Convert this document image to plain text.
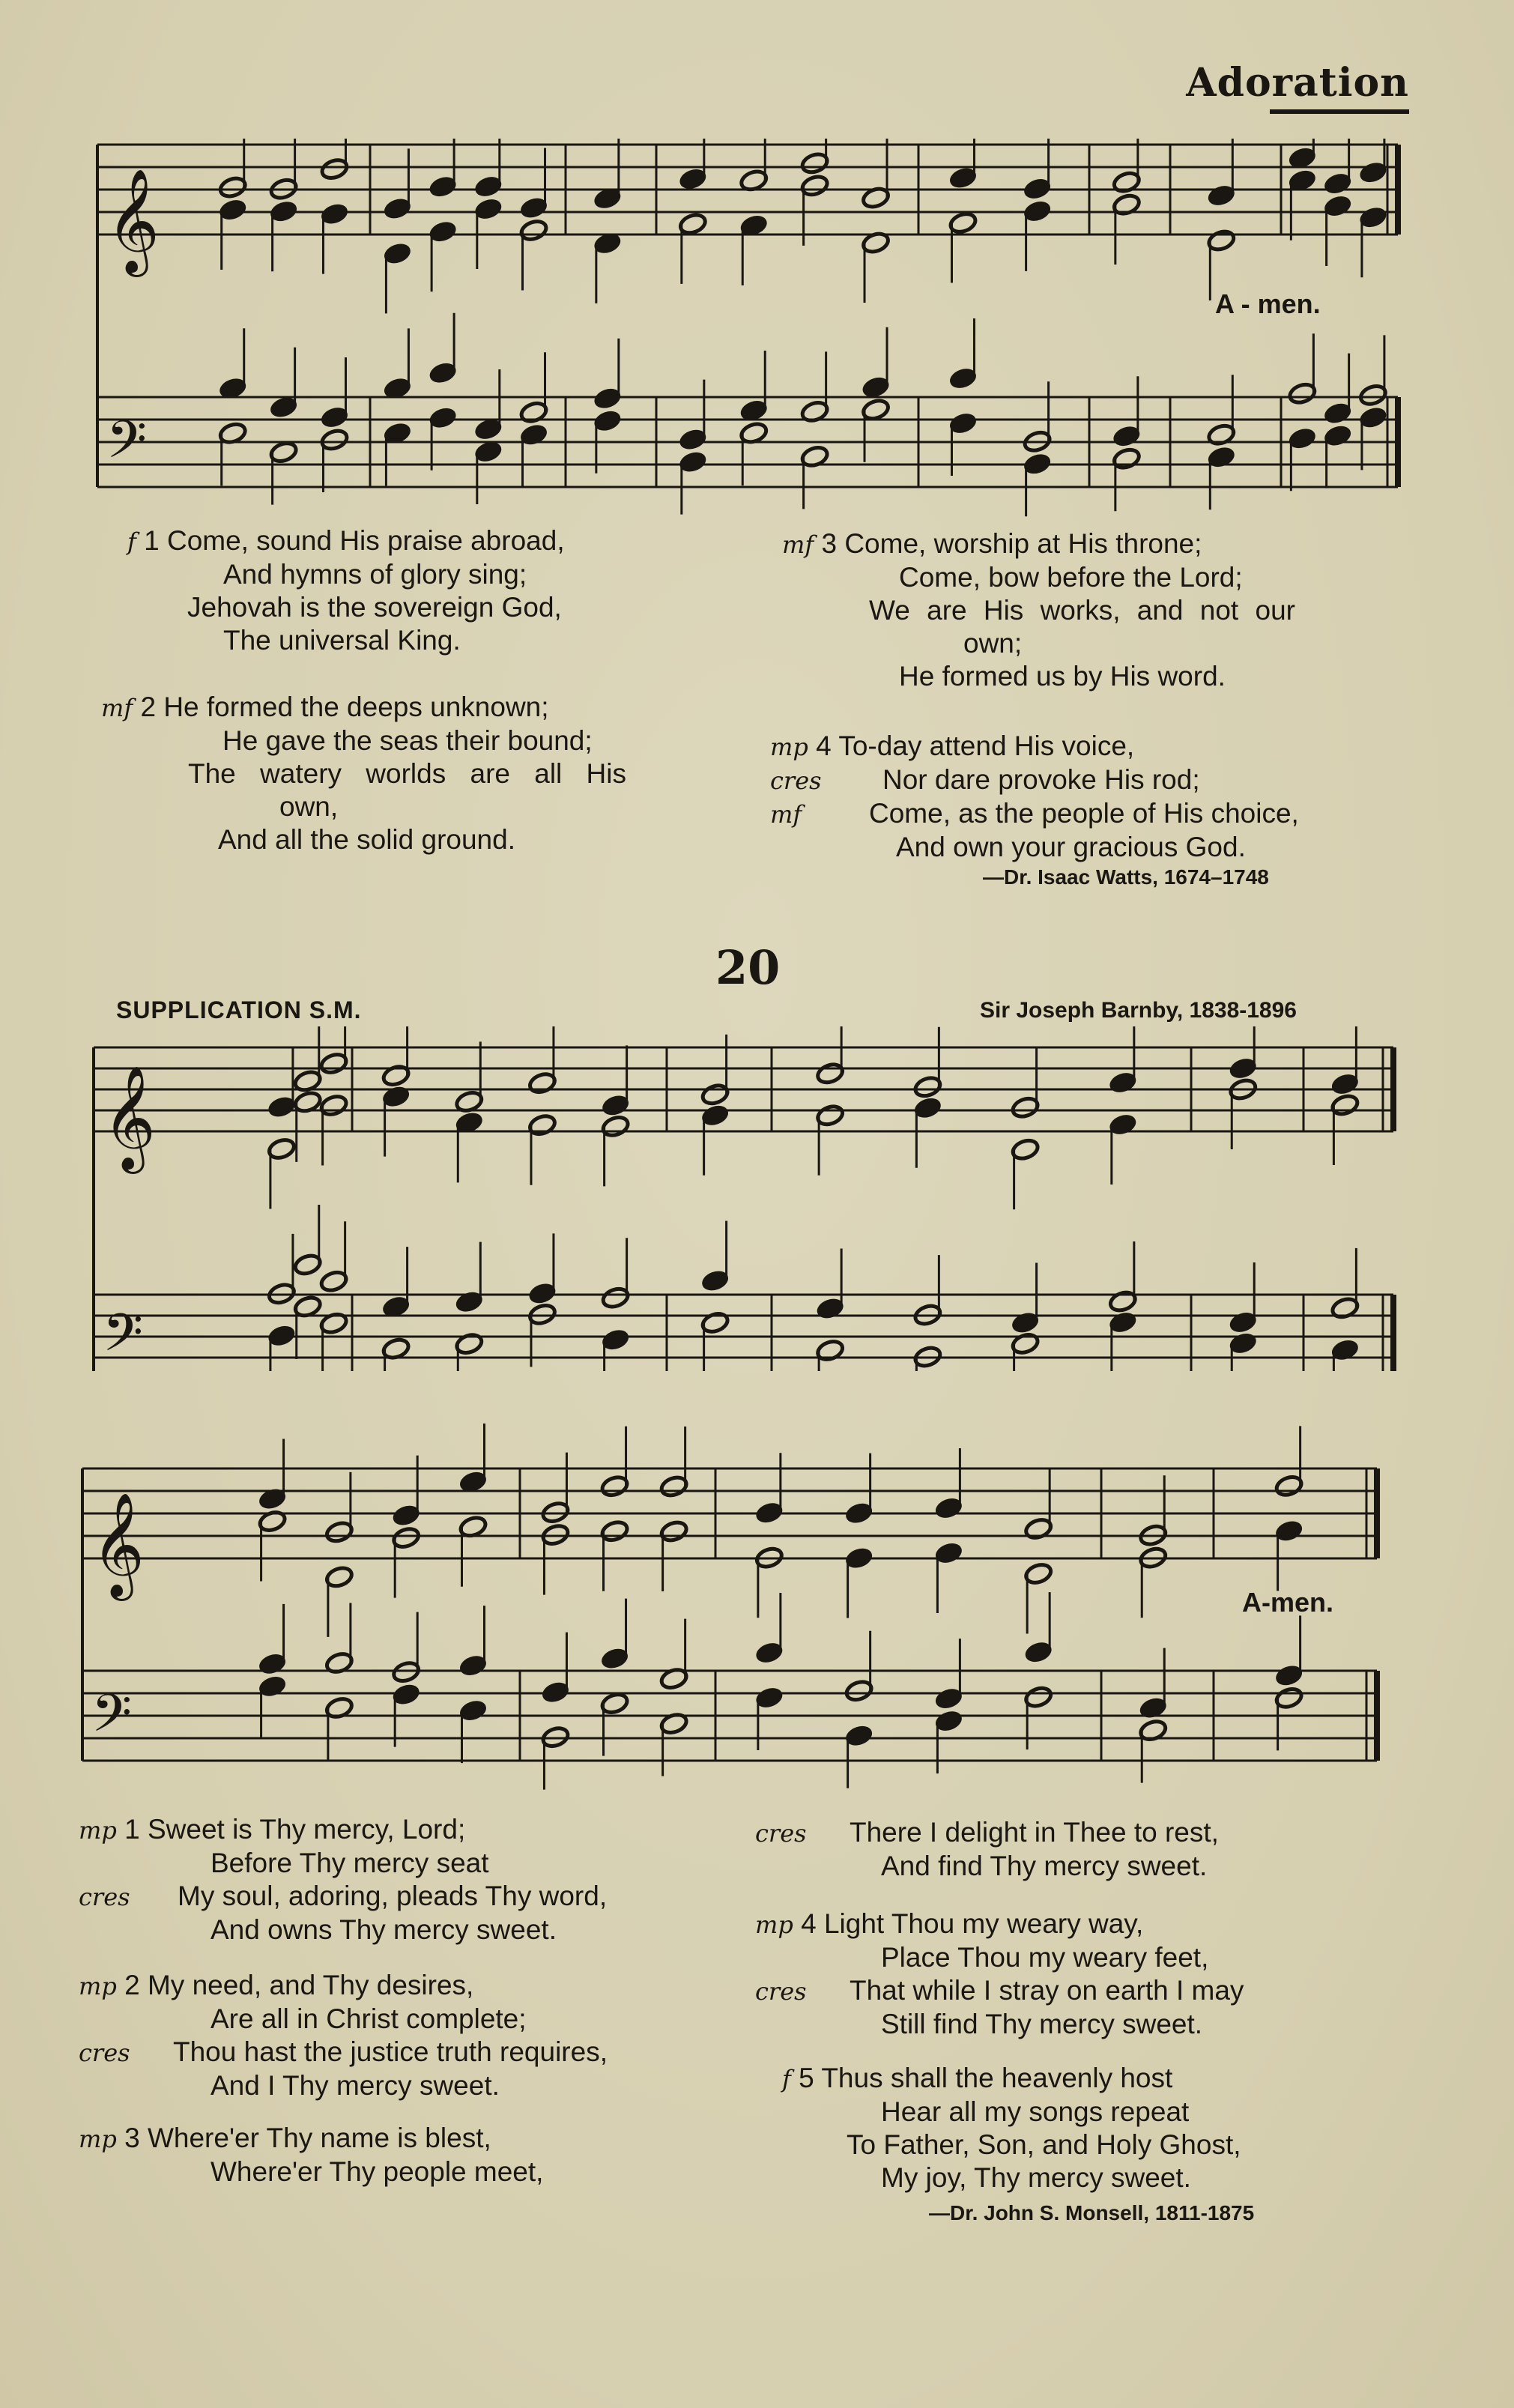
Adoration
𝄞
𝄢
A - men.
f 1 Come, sound His praise abroad,
And hymns of glory sing;
Jehovah is the sovereign God,
The universal King.
mf 2 He formed the deeps unknown;
He gave the seas their bound;
The watery worlds are all His
own,
And all the solid ground.
mf 3 Come, worship at His throne;
Come, bow before the Lord;
We are His works, and not our
own;
He formed us by His word.
mp 4 To-day attend His voice,
cres Nor dare provoke His rod;
mf Come, as the people of His choice,
And own your gracious God.
—Dr. Isaac Watts, 1674–1748
20
SUPPLICATION S.M.	Sir Joseph Barnby, 1838-1896
𝄞
𝄢
𝄞
𝄢
A-men.
mp 1 Sweet is Thy mercy, Lord;
Before Thy mercy seat
cres My soul, adoring, pleads Thy word,
And owns Thy mercy sweet.
mp 2 My need, and Thy desires,
Are all in Christ complete;
cres Thou hast the justice truth requires,
And I Thy mercy sweet.
mp 3 Where'er Thy name is blest,
Where'er Thy people meet,
cres There I delight in Thee to rest,
And find Thy mercy sweet.
mp 4 Light Thou my weary way,
Place Thou my weary feet,
cres That while I stray on earth I may
Still find Thy mercy sweet.
f 5 Thus shall the heavenly host
Hear all my songs repeat
To Father, Son, and Holy Ghost,
My joy, Thy mercy sweet.
—Dr. John S. Monsell, 1811-1875
